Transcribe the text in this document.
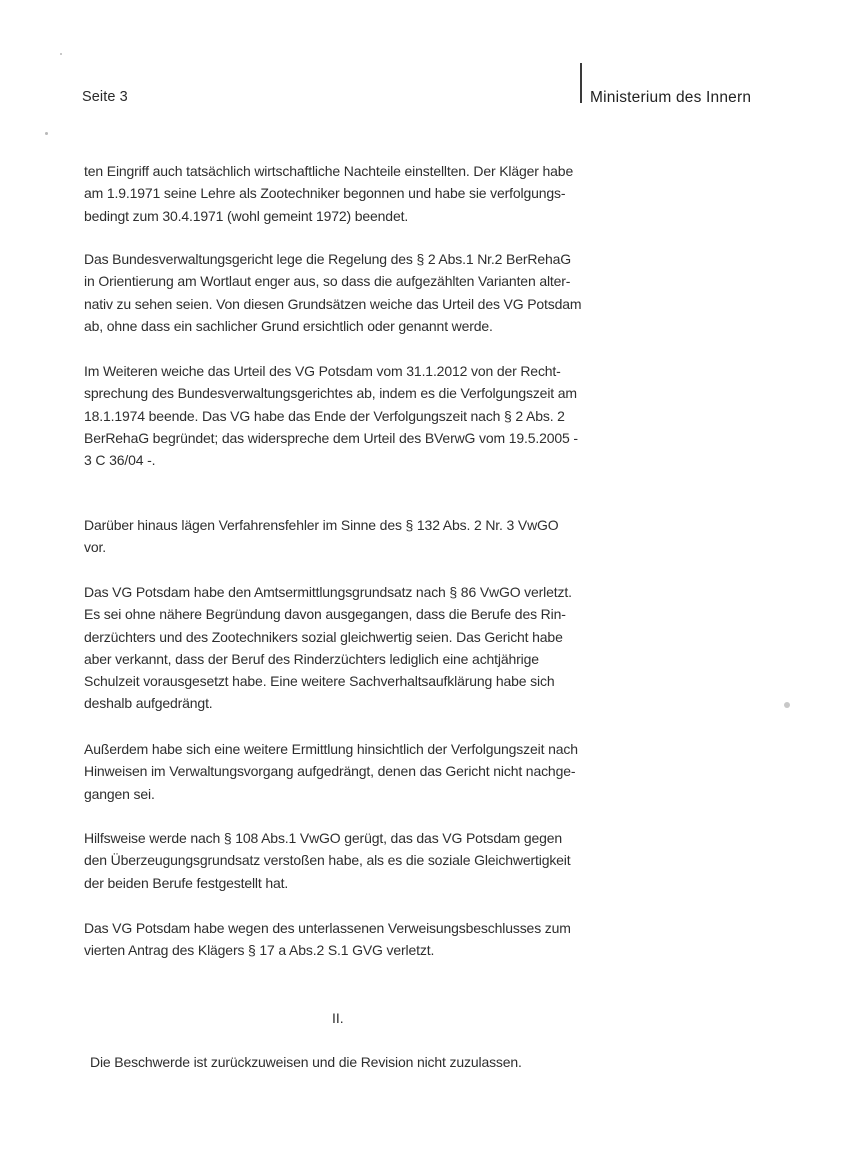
Seite 3	Ministerium des Innern
ten Eingriff auch tatsächlich wirtschaftliche Nachteile einstellten. Der Kläger habe
am 1.9.1971 seine Lehre als Zootechniker begonnen und habe sie verfolgungs-
bedingt zum 30.4.1971 (wohl gemeint 1972) beendet.
Das Bundesverwaltungsgericht lege die Regelung des § 2 Abs.1 Nr.2 BerRehaG
in Orientierung am Wortlaut enger aus, so dass die aufgezählten Varianten alter-
nativ zu sehen seien. Von diesen Grundsätzen weiche das Urteil des VG Potsdam
ab, ohne dass ein sachlicher Grund ersichtlich oder genannt werde.
Im Weiteren weiche das Urteil des VG Potsdam vom 31.1.2012 von der Recht-
sprechung des Bundesverwaltungsgerichtes ab, indem es die Verfolgungszeit am
18.1.1974 beende. Das VG habe das Ende der Verfolgungszeit nach § 2 Abs. 2
BerRehaG begründet; das widerspreche dem Urteil des BVerwG vom 19.5.2005 -
3 C 36/04 -.
Darüber hinaus lägen Verfahrensfehler im Sinne des § 132 Abs. 2 Nr. 3 VwGO
vor.
Das VG Potsdam habe den Amtsermittlungsgrundsatz nach § 86 VwGO verletzt.
Es sei ohne nähere Begründung davon ausgegangen, dass die Berufe des Rin-
derzüchters und des Zootechnikers sozial gleichwertig seien. Das Gericht habe
aber verkannt, dass der Beruf des Rinderzüchters lediglich eine achtjährige
Schulzeit vorausgesetzt habe. Eine weitere Sachverhaltsaufklärung habe sich
deshalb aufgedrängt.
Außerdem habe sich eine weitere Ermittlung hinsichtlich der Verfolgungszeit nach
Hinweisen im Verwaltungsvorgang aufgedrängt, denen das Gericht nicht nachge-
gangen sei.
Hilfsweise werde nach § 108 Abs.1 VwGO gerügt, das das VG Potsdam gegen
den Überzeugungsgrundsatz verstoßen habe, als es die soziale Gleichwertigkeit
der beiden Berufe festgestellt hat.
Das VG Potsdam habe wegen des unterlassenen Verweisungsbeschlusses zum
vierten Antrag des Klägers § 17 a Abs.2 S.1 GVG verletzt.
II.
Die Beschwerde ist zurückzuweisen und die Revision nicht zuzulassen.
